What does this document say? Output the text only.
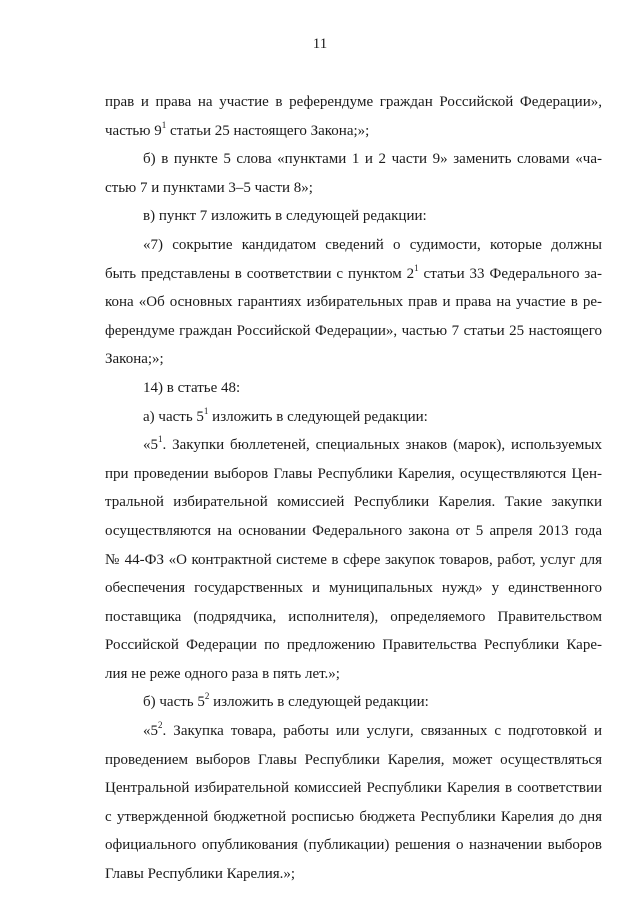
11
прав и права на участие в референдуме граждан Российской Федерации»,
частью $9^1$ статьи 25 настоящего Закона;»;
б) в пункте 5 слова «пунктами 1 и 2 части 9» заменить словами «ча-
стью 7 и пунктами 3–5 части 8»;
в) пункт 7 изложить в следующей редакции:
«7) сокрытие кандидатом сведений о судимости, которые должны
быть представлены в соответствии с пунктом $2^1$ статьи 33 Федерального за-
кона «Об основных гарантиях избирательных прав и права на участие в ре-
ферендуме граждан Российской Федерации», частью 7 статьи 25 настоящего
Закона;»;
14) в статье 48:
а) часть $5^1$ изложить в следующей редакции:
«$5^1$. Закупки бюллетеней, специальных знаков (марок), используемых
при проведении выборов Главы Республики Карелия, осуществляются Цен-
тральной избирательной комиссией Республики Карелия. Такие закупки
осуществляются на основании Федерального закона от 5 апреля 2013 года
№ 44-ФЗ «О контрактной системе в сфере закупок товаров, работ, услуг для
обеспечения государственных и муниципальных нужд» у единственного
поставщика (подрядчика, исполнителя), определяемого Правительством
Российской Федерации по предложению Правительства Республики Каре-
лия не реже одного раза в пять лет.»;
б) часть $5^2$ изложить в следующей редакции:
«$5^2$. Закупка товара, работы или услуги, связанных с подготовкой и
проведением выборов Главы Республики Карелия, может осуществляться
Центральной избирательной комиссией Республики Карелия в соответствии
с утвержденной бюджетной росписью бюджета Республики Карелия до дня
официального опубликования (публикации) решения о назначении выборов
Главы Республики Карелия.»;
